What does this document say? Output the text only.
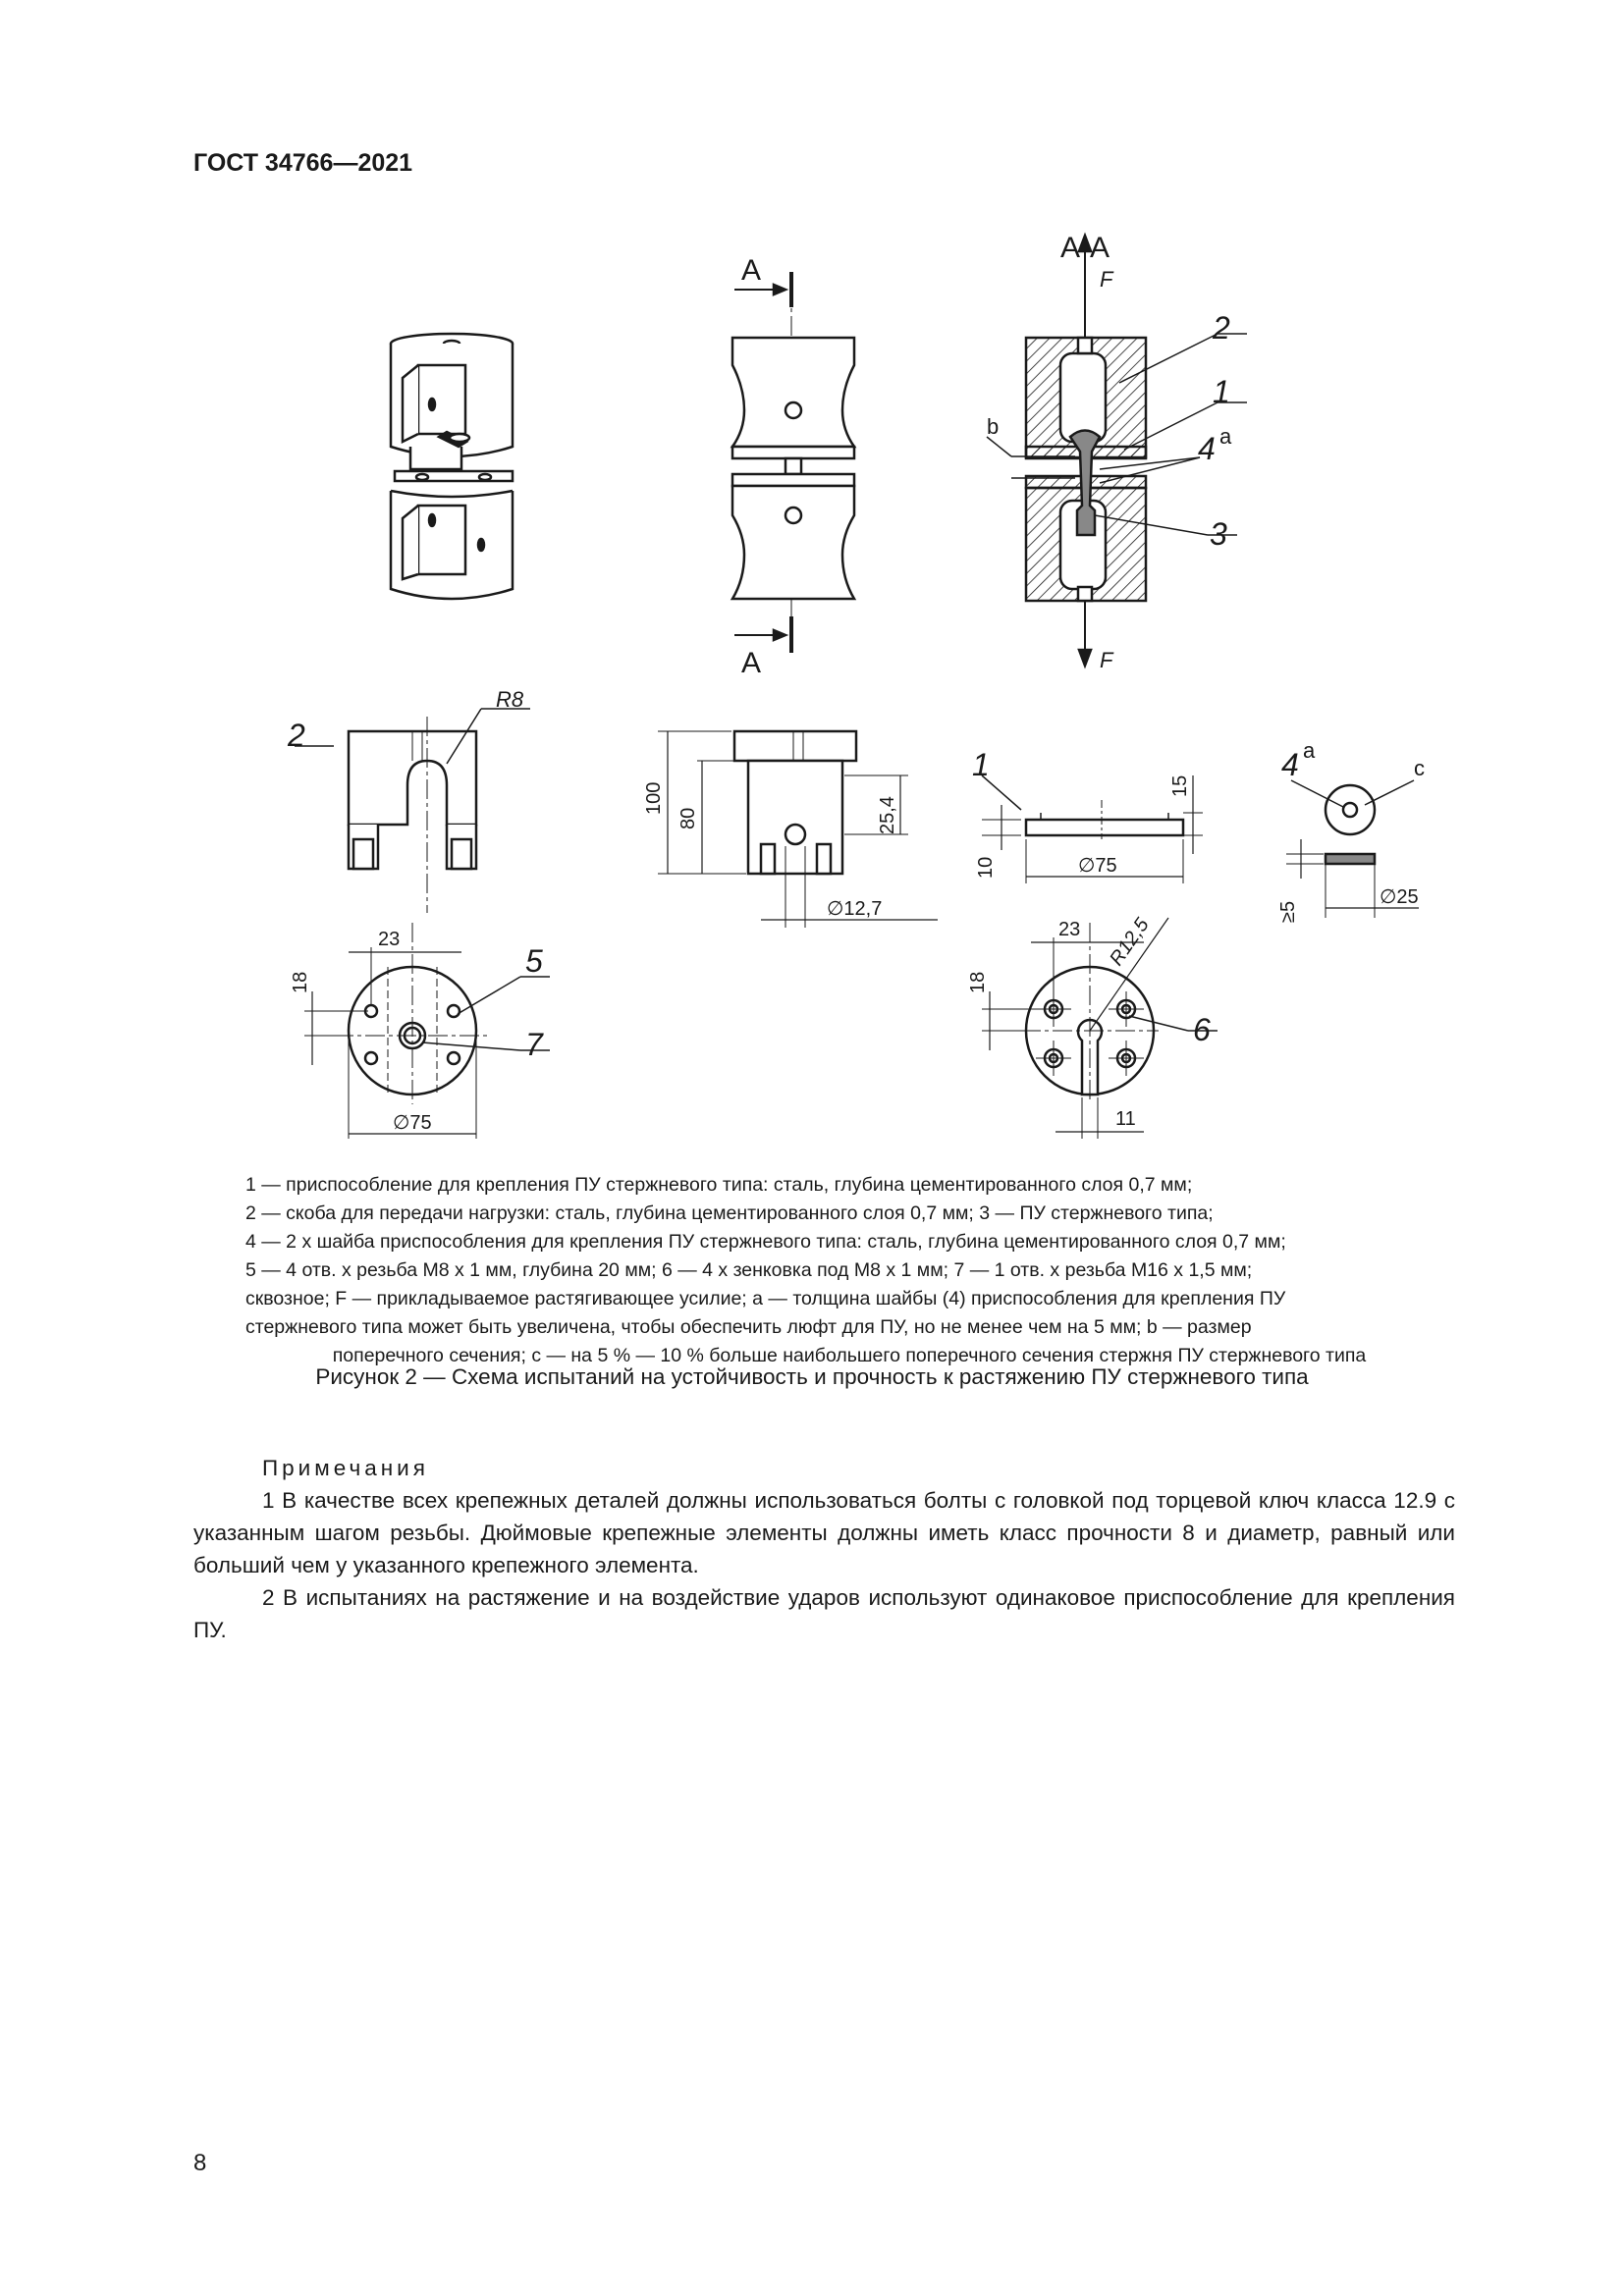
ГОСТ 34766—2021
А
А
А-А
F
F
2
1
4 а
3
b
2
R8
100
80	25,4
∅12,7
1
10
15
∅75
4 а
c
≥5
∅25
23
18
∅75
5
7
23
18
R12,5
6
11

1 — приспособление для крепления ПУ стержневого типа: сталь, глубина цементированного слоя 0,7 мм;

2 — скоба для передачи нагрузки: сталь, глубина цементированного слоя 0,7 мм; 3 — ПУ стержневого типа;

4 — 2 x шайба приспособления для крепления ПУ стержневого типа: сталь, глубина цементированного слоя 0,7 мм;

5 — 4 отв. x резьба M8 x 1 мм, глубина 20 мм; 6 — 4 x зенковка под M8 x 1 мм; 7 — 1 отв. x резьба M16 x 1,5 мм;

сквозное; F — прикладываемое растягивающее усилие; а — толщина шайбы (4) приспособления для крепления ПУ

стержневого типа может быть увеличена, чтобы обеспечить люфт для ПУ, но не менее чем на 5 мм; b — размер

поперечного сечения; с — на 5 % — 10 % больше наибольшего поперечного сечения стержня ПУ стержневого типа

Рисунок 2 — Схема испытаний на устойчивость и прочность к растяжению ПУ стержневого типа

Примечания

1 В качестве всех крепежных деталей должны использоваться болты с головкой под торцевой ключ класса 12.9 с указанным шагом резьбы. Дюймовые крепежные элементы должны иметь класс прочности 8 и диаметр, равный или больший чем у указанного крепежного элемента.

2 В испытаниях на растяжение и на воздействие ударов используют одинаковое приспособление для крепления ПУ.

8
